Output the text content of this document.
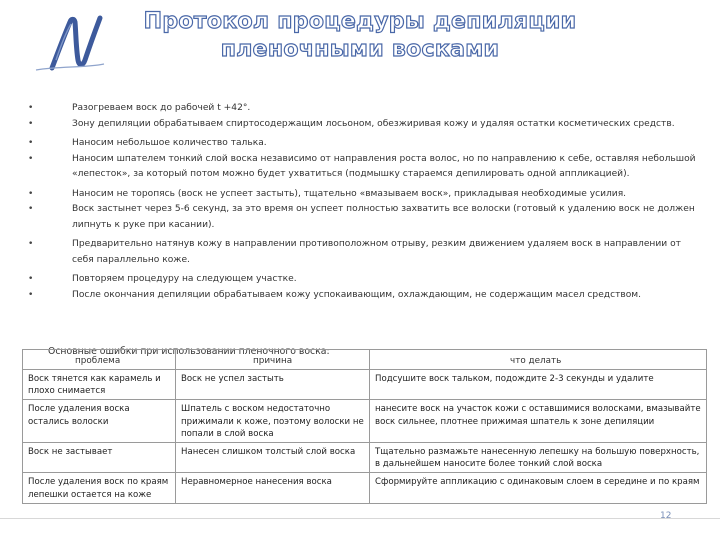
Протокол процедуры депиляции
пленочными восками
• Разогреваем воск до рабочей t +42°.
• Зону депиляции обрабатываем спиртосодержащим лосьоном, обезжиривая кожу и удаляя остатки косметических средств.
• Наносим небольшое количество талька.
• Наносим шпателем тонкий слой воска независимо от направления роста волос, но по направлению к себе, оставляя небольшой «лепесток», за который потом можно будет ухватиться (подмышку стараемся депилировать одной аппликацией).
• Наносим не торопясь (воск не успеет застыть), тщательно «вмазываем воск», прикладывая необходимые усилия.
• Воск застынет через 5-6 секунд, за это время он успеет полностью захватить все волоски (готовый к удалению воск не должен липнуть к руке при касании).
• Предварительно натянув кожу в направлении противоположном отрыву, резким движением удаляем воск в направлении от себя параллельно коже.
• Повторяем процедуру на следующем участке.
• После окончания депиляции обрабатываем кожу успокаивающим, охлаждающим, не содержащим масел средством.
Основные ошибки при использовании пленочного воска:

Воск тянется как карамель и плохо снимается	Воск не успел застыть	Подсушите воск тальком, подождите 2-3 секунды и удалите
После удаления воска остались волоски	Шпатель с воском недостаточно прижимали к коже, поэтому волоски не попали в слой воска	нанесите воск на участок кожи с оставшимися волосками, вмазывайте воск сильнее, плотнее прижимая шпатель к зоне депиляции
Воск не застывает	Нанесен слишком толстый слой воска	Тщательно размажьте нанесенную лепешку на большую поверхность, в дальнейшем наносите более тонкий слой воска
После удаления воск по краям лепешки остается на коже	Неравномерное нанесения воска	Сформируйте аппликацию с одинаковым слоем в середине и по краям
проблема	причина	что делать
12
